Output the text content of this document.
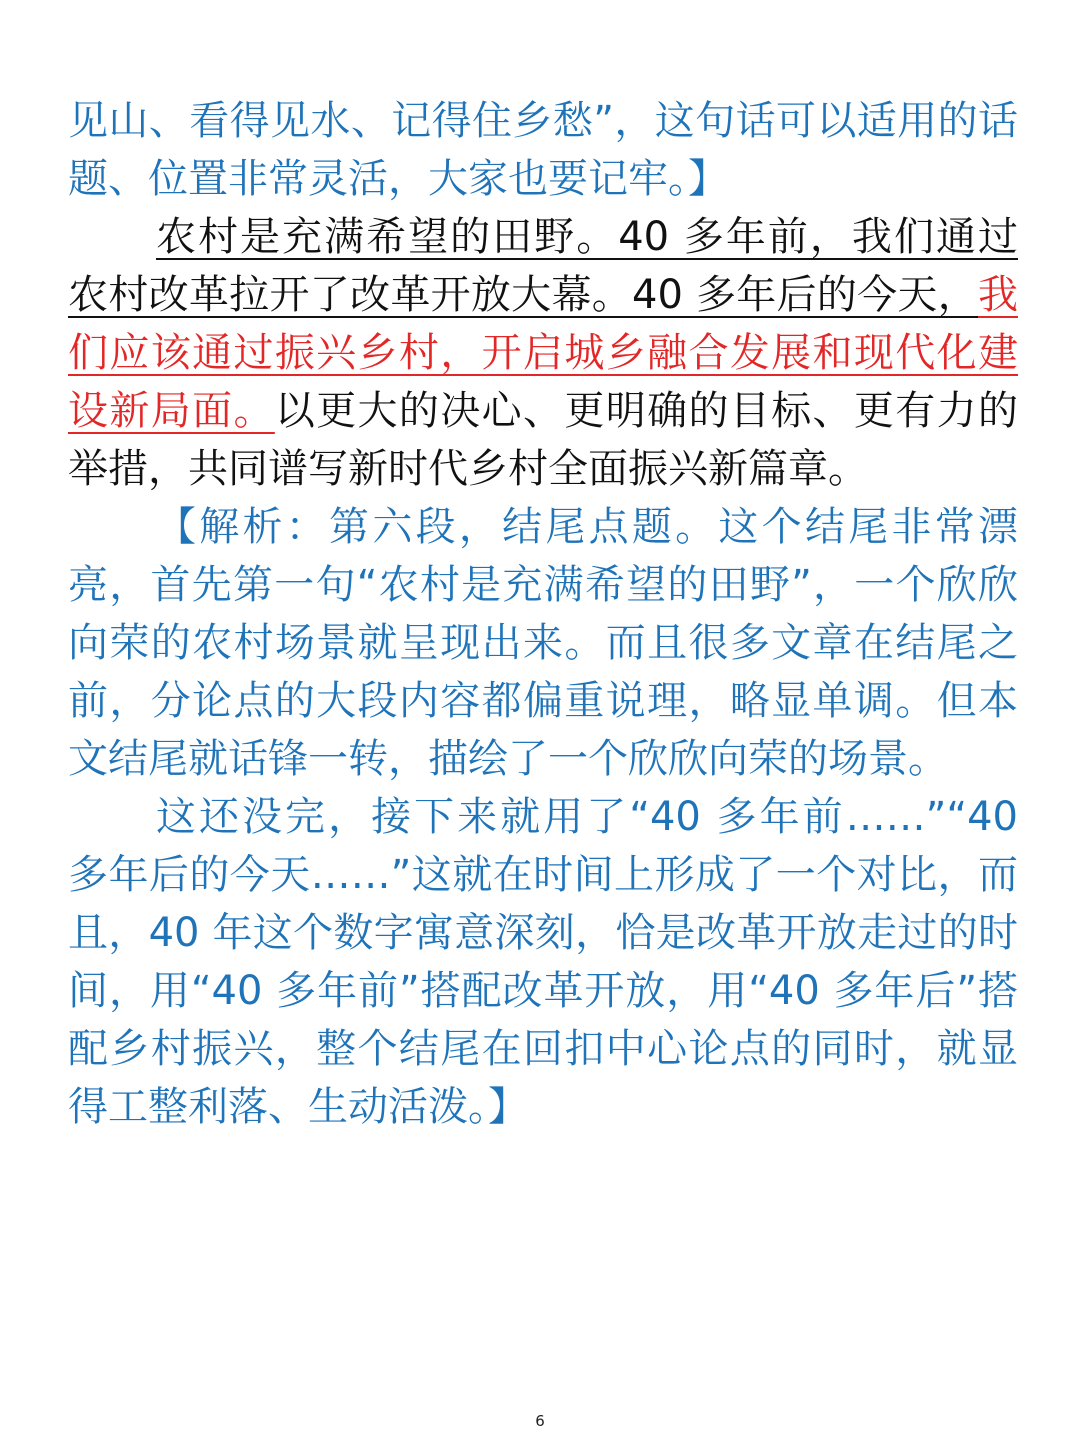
见山、看得见水、记得住乡愁”，这句话可以适用的话题、位置非常灵活，大家也要记牢。】

农村是充满希望的田野。40 多年前，我们通过农村改革拉开了改革开放大幕。40 多年后的今天，我们应该通过振兴乡村，开启城乡融合发展和现代化建设新局面。以更大的决心、更明确的目标、更有力的举措，共同谱写新时代乡村全面振兴新篇章。

【解析：第六段，结尾点题。这个结尾非常漂亮，首先第一句“农村是充满希望的田野”，一个欣欣向荣的农村场景就呈现出来。而且很多文章在结尾之前，分论点的大段内容都偏重说理，略显单调。但本文结尾就话锋一转，描绘了一个欣欣向荣的场景。

这还没完，接下来就用了“40 多年前……”“40 多年后的今天……”这就在时间上形成了一个对比，而且，40 年这个数字寓意深刻，恰是改革开放走过的时间，用“40 多年前”搭配改革开放，用“40 多年后”搭配乡村振兴，整个结尾在回扣中心论点的同时，就显得工整利落、生动活泼。】

6
